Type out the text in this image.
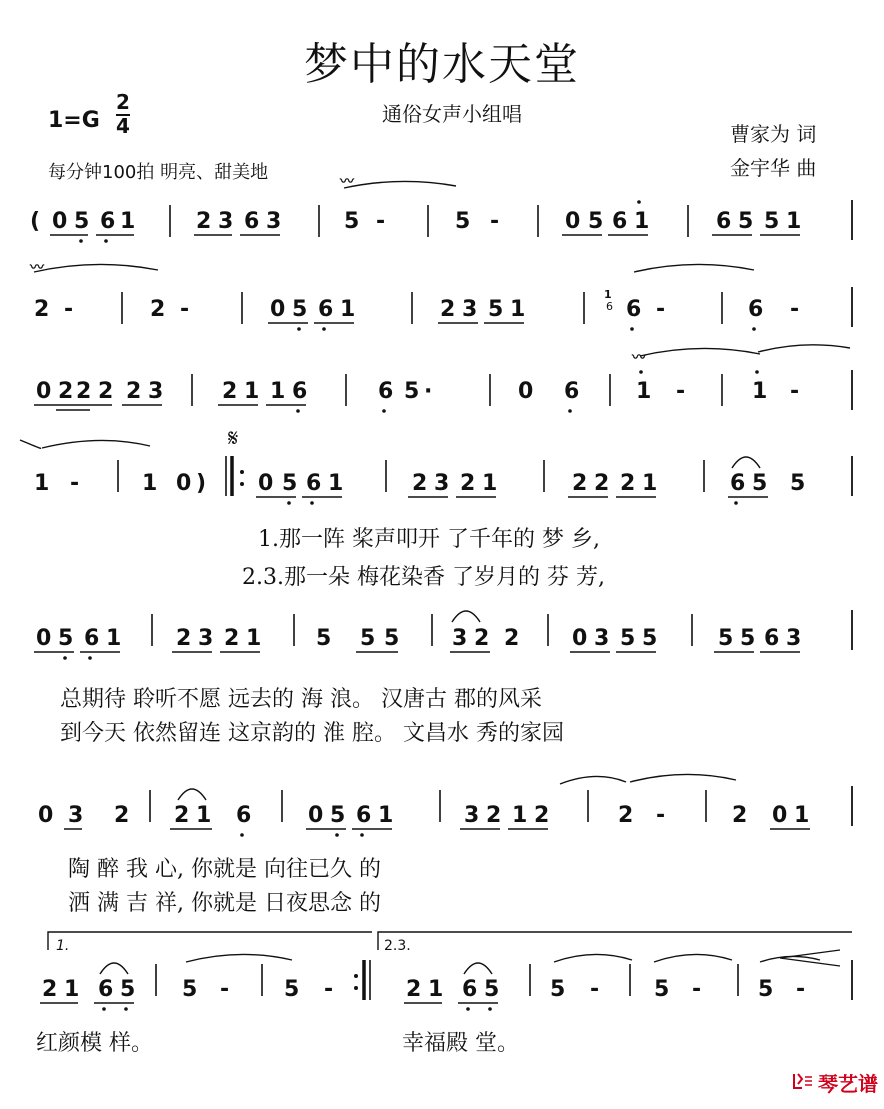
梦中的水天堂
通俗女声小组唱
曹家为 词
金宇华 曲
1=G
2
4
每分钟100拍 明亮、甜美地
( 0 5 6 1	2 3 6 3	5 -
〰
5 -	0 5 6 1	6 5 5 1
〰
2 -	2 -	0 5 6 1	2 3 5 1
1
6 6 -	6 -
0 2 2 2 2 3	2 1 1 6	6 5 ·	0 6
〰
1 -	1 -
1 -	1 0 )
𝄋
0 5 6 1	2 3 2 1	2 2 2 1	6 5 5
0 5 6 1 2 3 2 1 5 5 5 3 2 2 0 3 5 5	5 5 6 3
0 3 2 2 1 6	0 5 6 1	3 2 1 2	2 -	2 0 1
1.	2.3.
2 1 6 5 5 - 5 -	2 1 6 5 5 - 5 -	5 -
1.那一阵 桨声叩开 了千年的 梦 乡,
2.3.那一朵 梅花染香 了岁月的 芬 芳,
总期待 聆听不愿 远去的 海 浪。 汉唐古 郡的风采
到今天 依然留连 这京韵的 淮 腔。 文昌水 秀的家园
陶 醉 我 心, 你就是 向往已久 的
洒 满 吉 祥, 你就是 日夜思念 的
红颜模 样。	幸福殿 堂。
琴艺谱
